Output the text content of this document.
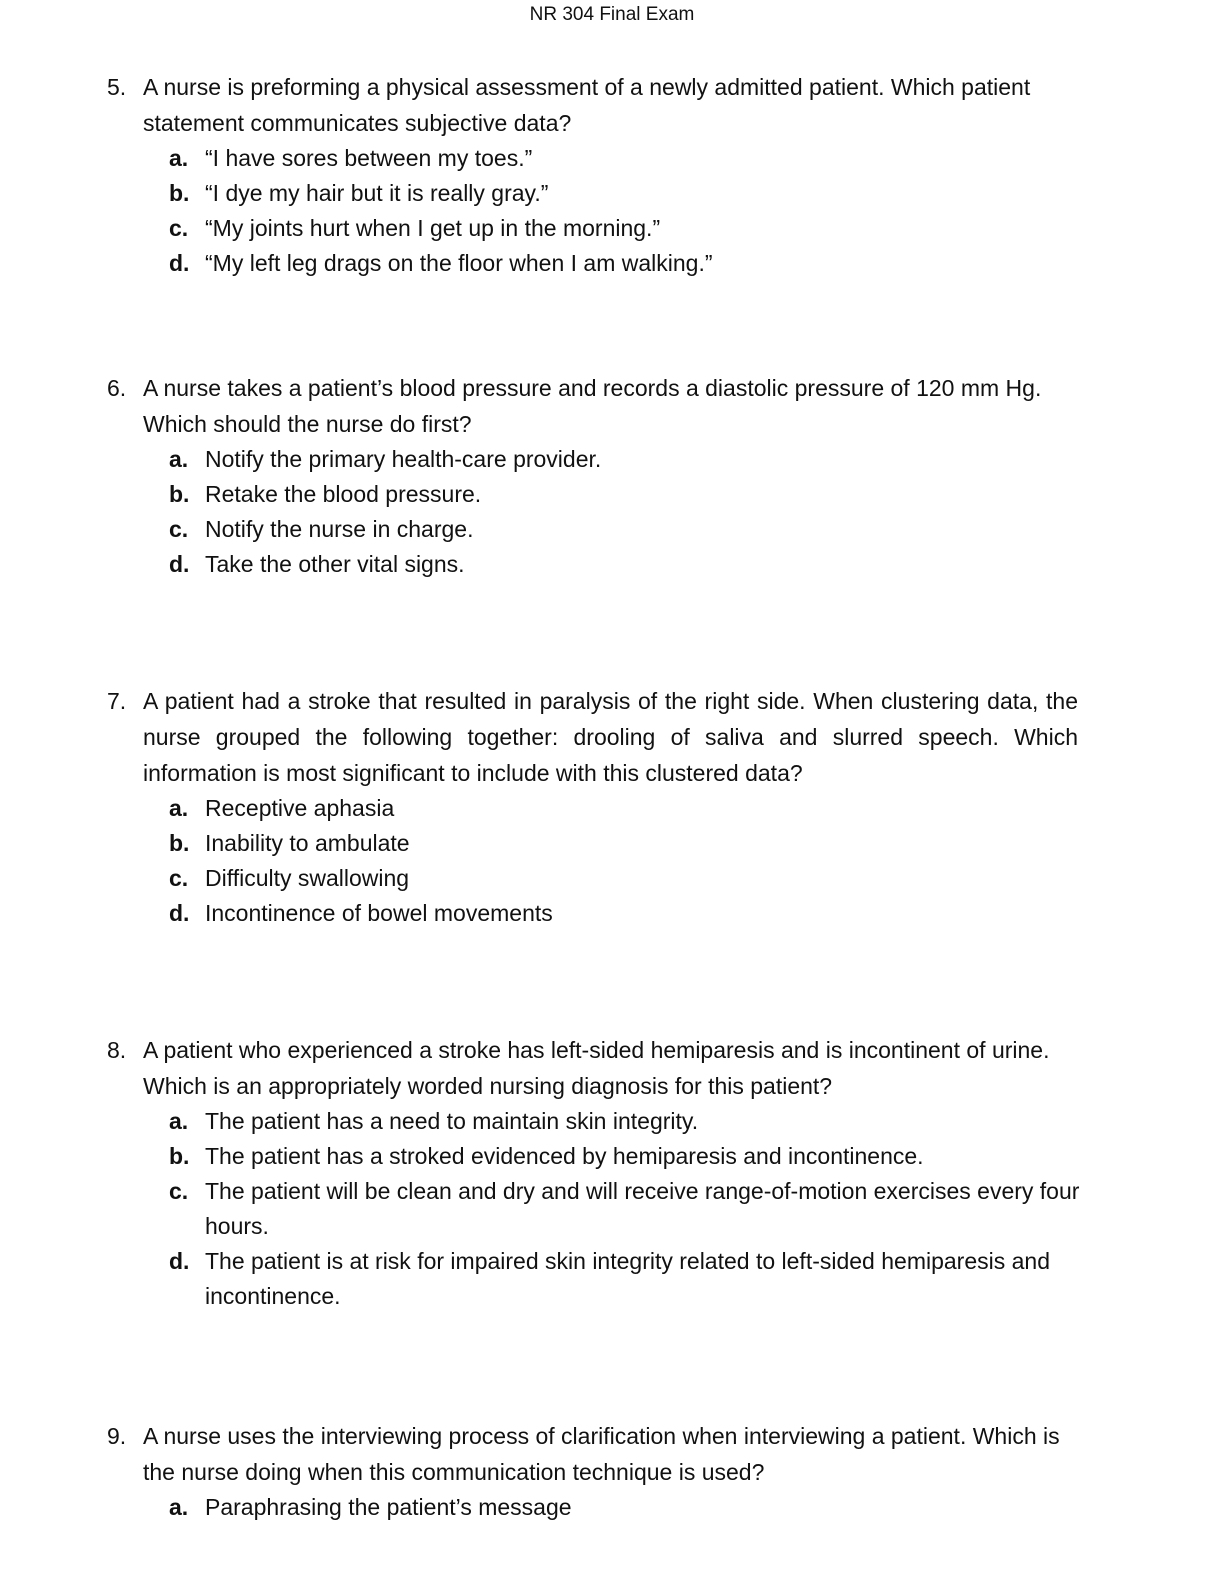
NR 304 Final Exam
5. A nurse is preforming a physical assessment of a newly admitted patient. Which patient statement communicates subjective data?
a. “I have sores between my toes.”
b. “I dye my hair but it is really gray.”
c. “My joints hurt when I get up in the morning.”
d. “My left leg drags on the floor when I am walking.”
6. A nurse takes a patient’s blood pressure and records a diastolic pressure of 120 mm Hg. Which should the nurse do first?
a. Notify the primary health-care provider.
b. Retake the blood pressure.
c. Notify the nurse in charge.
d. Take the other vital signs.
7. A patient had a stroke that resulted in paralysis of the right side. When clustering data, the nurse grouped the following together: drooling of saliva and slurred speech. Which information is most significant to include with this clustered data?
a. Receptive aphasia
b. Inability to ambulate
c. Difficulty swallowing
d. Incontinence of bowel movements
8. A patient who experienced a stroke has left-sided hemiparesis and is incontinent of urine. Which is an appropriately worded nursing diagnosis for this patient?
a. The patient has a need to maintain skin integrity.
b. The patient has a stroked evidenced by hemiparesis and incontinence.
c. The patient will be clean and dry and will receive range-of-motion exercises every four hours.
d. The patient is at risk for impaired skin integrity related to left-sided hemiparesis and incontinence.
9. A nurse uses the interviewing process of clarification when interviewing a patient. Which is the nurse doing when this communication technique is used?
a. Paraphrasing the patient’s message
